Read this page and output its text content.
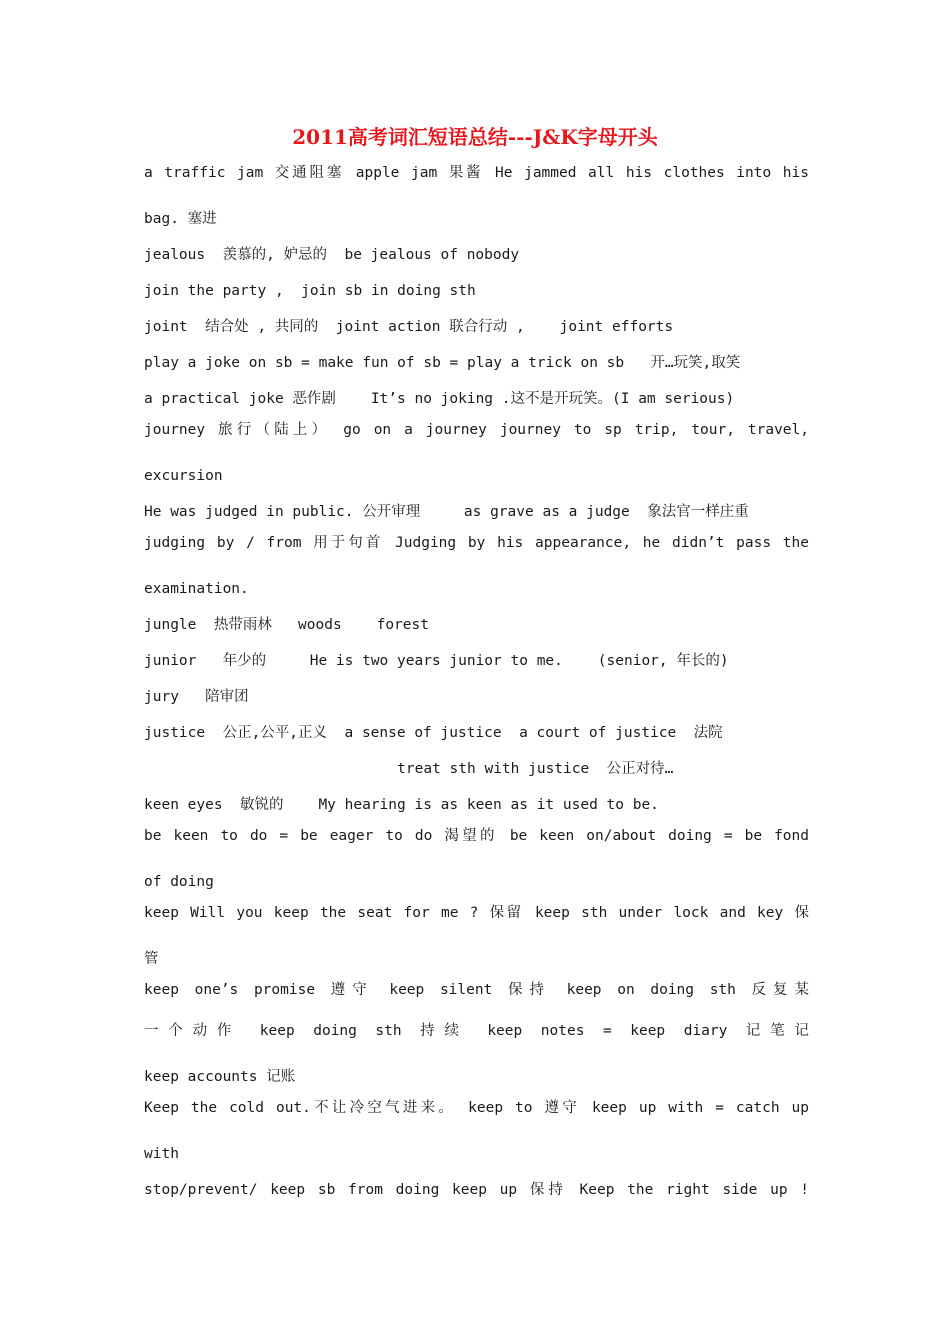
2011高考词汇短语总结---J&K字母开头
a traffic jam 交通阻塞 apple jam 果酱 He jammed all his clothes into his
bag. 塞进
jealous  羡慕的, 妒忌的  be jealous of nobody
join the party ,  join sb in doing sth
joint  结合处 , 共同的  joint action 联合行动 ,    joint efforts
play a joke on sb = make fun of sb = play a trick on sb   开…玩笑,取笑
a practical joke 恶作剧    It’s no joking .这不是开玩笑。(I am serious)
journey 旅行（陆上） go on a journey journey to sp trip, tour, travel,
excursion
He was judged in public. 公开审理     as grave as a judge  象法官一样庄重
judging by / from 用于句首 Judging by his appearance, he didn’t pass the
examination.
jungle  热带雨林   woods    forest
junior   年少的     He is two years junior to me.    (senior, 年长的)
jury   陪审团
justice  公正,公平,正义  a sense of justice  a court of justice  法院
treat sth with justice  公正对待…
keen eyes  敏锐的    My hearing is as keen as it used to be.
be keen to do = be eager to do 渴望的 be keen on/about doing = be fond
of doing
keep Will you keep the seat for me ? 保留 keep sth under lock and key 保
管
keep one’s promise 遵守 keep silent 保持 keep on doing sth 反复某
一个动作 keep doing sth 持续 keep notes = keep diary 记笔记
keep accounts 记账
Keep the cold out.不让冷空气进来。 keep to 遵守 keep up with = catch up
with
stop/prevent/ keep sb from doing keep up 保持 Keep the right side up !
